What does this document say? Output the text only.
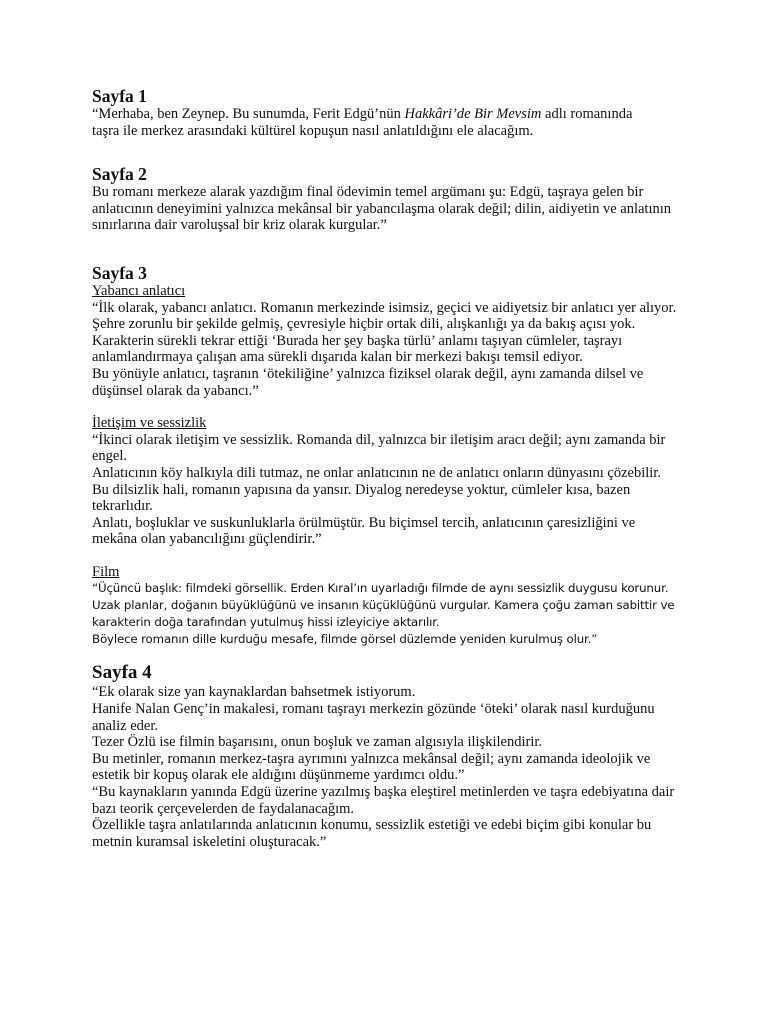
Sayfa 1

“Merhaba, ben Zeynep. Bu sunumda, Ferit Edgü’nün Hakkâri’de Bir Mevsim adlı romanında
taşra ile merkez arasındaki kültürel kopuşun nasıl anlatıldığını ele alacağım.

Sayfa 2

Bu romanı merkeze alarak yazdığım final ödevimin temel argümanı şu: Edgü, taşraya gelen bir anlatıcının deneyimini yalnızca mekânsal bir yabancılaşma olarak değil; dilin, aidiyetin ve anlatının sınırlarına dair varoluşsal bir kriz olarak kurgular.”

Sayfa 3

Yabancı anlatıcı

“İlk olarak, yabancı anlatıcı. Romanın merkezinde isimsiz, geçici ve aidiyetsiz bir anlatıcı yer alıyor.

Şehre zorunlu bir şekilde gelmiş, çevresiyle hiçbir ortak dili, alışkanlığı ya da bakış açısı yok.

Karakterin sürekli tekrar ettiği ‘Burada her şey başka türlü’ anlamı taşıyan cümleler, taşrayı anlamlandırmaya çalışan ama sürekli dışarıda kalan bir merkezi bakışı temsil ediyor.

Bu yönüyle anlatıcı, taşranın ‘ötekiliğine’ yalnızca fiziksel olarak değil, aynı zamanda dilsel ve düşünsel olarak da yabancı.”

İletişim ve sessizlik

“İkinci olarak iletişim ve sessizlik. Romanda dil, yalnızca bir iletişim aracı değil; aynı zamanda bir engel.

Anlatıcının köy halkıyla dili tutmaz, ne onlar anlatıcının ne de anlatıcı onların dünyasını çözebilir.

Bu dilsizlik hali, romanın yapısına da yansır. Diyalog neredeyse yoktur, cümleler kısa, bazen tekrarlıdır.

Anlatı, boşluklar ve suskunluklarla örülmüştür. Bu biçimsel tercih, anlatıcının çaresizliğini ve mekâna olan yabancılığını güçlendirir.”

Film

“Üçüncü başlık: filmdeki görsellik. Erden Kıral’ın uyarladığı filmde de aynı sessizlik duygusu korunur.

Uzak planlar, doğanın büyüklüğünü ve insanın küçüklüğünü vurgular. Kamera çoğu zaman sabittir ve karakterin doğa tarafından yutulmuş hissi izleyiciye aktarılır.

Böylece romanın dille kurduğu mesafe, filmde görsel düzlemde yeniden kurulmuş olur.”

Sayfa 4

“Ek olarak size yan kaynaklardan bahsetmek istiyorum.

Hanife Nalan Genç’in makalesi, romanı taşrayı merkezin gözünde ‘öteki’ olarak nasıl kurduğunu analiz eder.

Tezer Özlü ise filmin başarısını, onun boşluk ve zaman algısıyla ilişkilendirir.

Bu metinler, romanın merkez-taşra ayrımını yalnızca mekânsal değil; aynı zamanda ideolojik ve estetik bir kopuş olarak ele aldığını düşünmeme yardımcı oldu.”

“Bu kaynakların yanında Edgü üzerine yazılmış başka eleştirel metinlerden ve taşra edebiyatına dair bazı teorik çerçevelerden de faydalanacağım.

Özellikle taşra anlatılarında anlatıcının konumu, sessizlik estetiği ve edebi biçim gibi konular bu metnin kuramsal iskeletini oluşturacak.”
